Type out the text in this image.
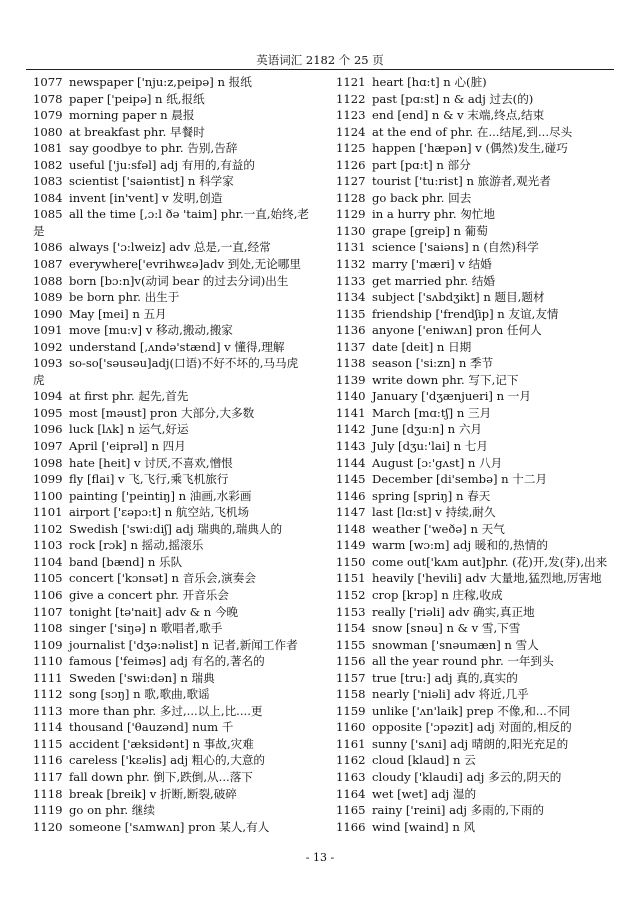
英语词汇 2182 个 25 页
1077 newspaper ['nju:z,peipə] n 报纸
1078 paper ['peipə] n 纸,报纸
1079 morning paper n 晨报
1080 at breakfast phr. 早餐时
1081 say goodbye to phr. 告别,告辞
1082 useful ['ju:sfəl] adj 有用的,有益的
1083 scientist ['saiəntist] n 科学家
1084 invent [in'vent] v 发明,创造
1085 all the time [,ɔ:l ðə 'taim] phr.一直,始终,老
是
1086 always ['ɔ:lweiz] adv 总是,一直,经常
1087 everywhere['evrihwεə]adv 到处,无论哪里
1088 born [bɔ:n]v(动词 bear 的过去分词)出生
1089 be born phr. 出生于
1090 May [mei] n 五月
1091 move [mu:v] v 移动,搬动,搬家
1092 understand [,ʌndə'stænd] v 懂得,理解
1093 so-so['səusəu]adj(口语)不好不坏的,马马虎
虎
1094 at first phr. 起先,首先
1095 most [məust] pron 大部分,大多数
1096 luck [lʌk] n 运气,好运
1097 April ['eiprəl] n 四月
1098 hate [heit] v 讨厌,不喜欢,憎恨
1099 fly [flai] v 飞,飞行,乘飞机旅行
1100 painting ['peintiŋ] n 油画,水彩画
1101 airport ['εəpɔ:t] n 航空站,飞机场
1102 Swedish ['swi:diʃ] adj 瑞典的,瑞典人的
1103 rock [rɔk] n 摇动,摇滚乐
1104 band [bænd] n 乐队
1105 concert ['kɔnsət] n 音乐会,演奏会
1106 give a concert phr. 开音乐会
1107 tonight [tə'nait] adv & n 今晚
1108 singer ['siŋə] n 歌唱者,歌手
1109 journalist ['dʒə:nəlist] n 记者,新闻工作者
1110 famous ['feiməs] adj 有名的,著名的
1111 Sweden ['swi:dən] n 瑞典
1112 song [sɔŋ] n 歌,歌曲,歌谣
1113 more than phr. 多过,...以上,比....更
1114 thousand ['θauzənd] num 千
1115 accident ['æksidənt] n 事故,灾难
1116 careless ['kεəlis] adj 粗心的,大意的
1117 fall down phr. 倒下,跌倒,从...落下
1118 break [breik] v 折断,断裂,破碎
1119 go on phr. 继续
1120 someone ['sʌmwʌn] pron 某人,有人
1121 heart [hɑ:t] n 心(脏)
1122 past [pɑ:st] n & adj 过去(的)
1123 end [end] n & v 末端,终点,结束
1124 at the end of phr. 在...结尾,到...尽头
1125 happen ['hæpən] v (偶然)发生,碰巧
1126 part [pɑ:t] n 部分
1127 tourist ['tu:rist] n 旅游者,观光者
1128 go back phr. 回去
1129 in a hurry phr. 匆忙地
1130 grape [greip] n 葡萄
1131 science ['saiəns] n (自然)科学
1132 marry ['mæri] v 结婚
1133 get married phr. 结婚
1134 subject ['sʌbdʒikt] n 题目,题材
1135 friendship ['frendʃip] n 友谊,友情
1136 anyone ['eniwʌn] pron 任何人
1137 date [deit] n 日期
1138 season ['si:zn] n 季节
1139 write down phr. 写下,记下
1140 January ['dʒænjueri] n 一月
1141 March [mɑ:tʃ] n 三月
1142 June [dʒu:n] n 六月
1143 July [dʒu:'lai] n 七月
1144 August [ɔ:'gʌst] n 八月
1145 December [di'sembə] n 十二月
1146 spring [spriŋ] n 春天
1147 last [lɑ:st] v 持续,耐久
1148 weather ['weðə] n 天气
1149 warm [wɔ:m] adj 暖和的,热情的
1150 come out['kʌm aut]phr. (花)开,发(芽),出来
1151 heavily ['hevili] adv 大量地,猛烈地,厉害地
1152 crop [krɔp] n 庄稼,收成
1153 really ['riəli] adv 确实,真正地
1154 snow [snəu] n & v 雪,下雪
1155 snowman ['snəumæn] n 雪人
1156 all the year round phr. 一年到头
1157 true [tru:] adj 真的,真实的
1158 nearly ['niəli] adv 将近,几乎
1159 unlike ['ʌn'laik] prep 不像,和...不同
1160 opposite ['ɔpəzit] adj 对面的,相反的
1161 sunny ['sʌni] adj 晴朗的,阳光充足的
1162 cloud [klaud] n 云
1163 cloudy ['klaudi] adj 多云的,阴天的
1164 wet [wet] adj 湿的
1165 rainy ['reini] adj 多雨的,下雨的
1166 wind [waind] n 风
- 13 -
